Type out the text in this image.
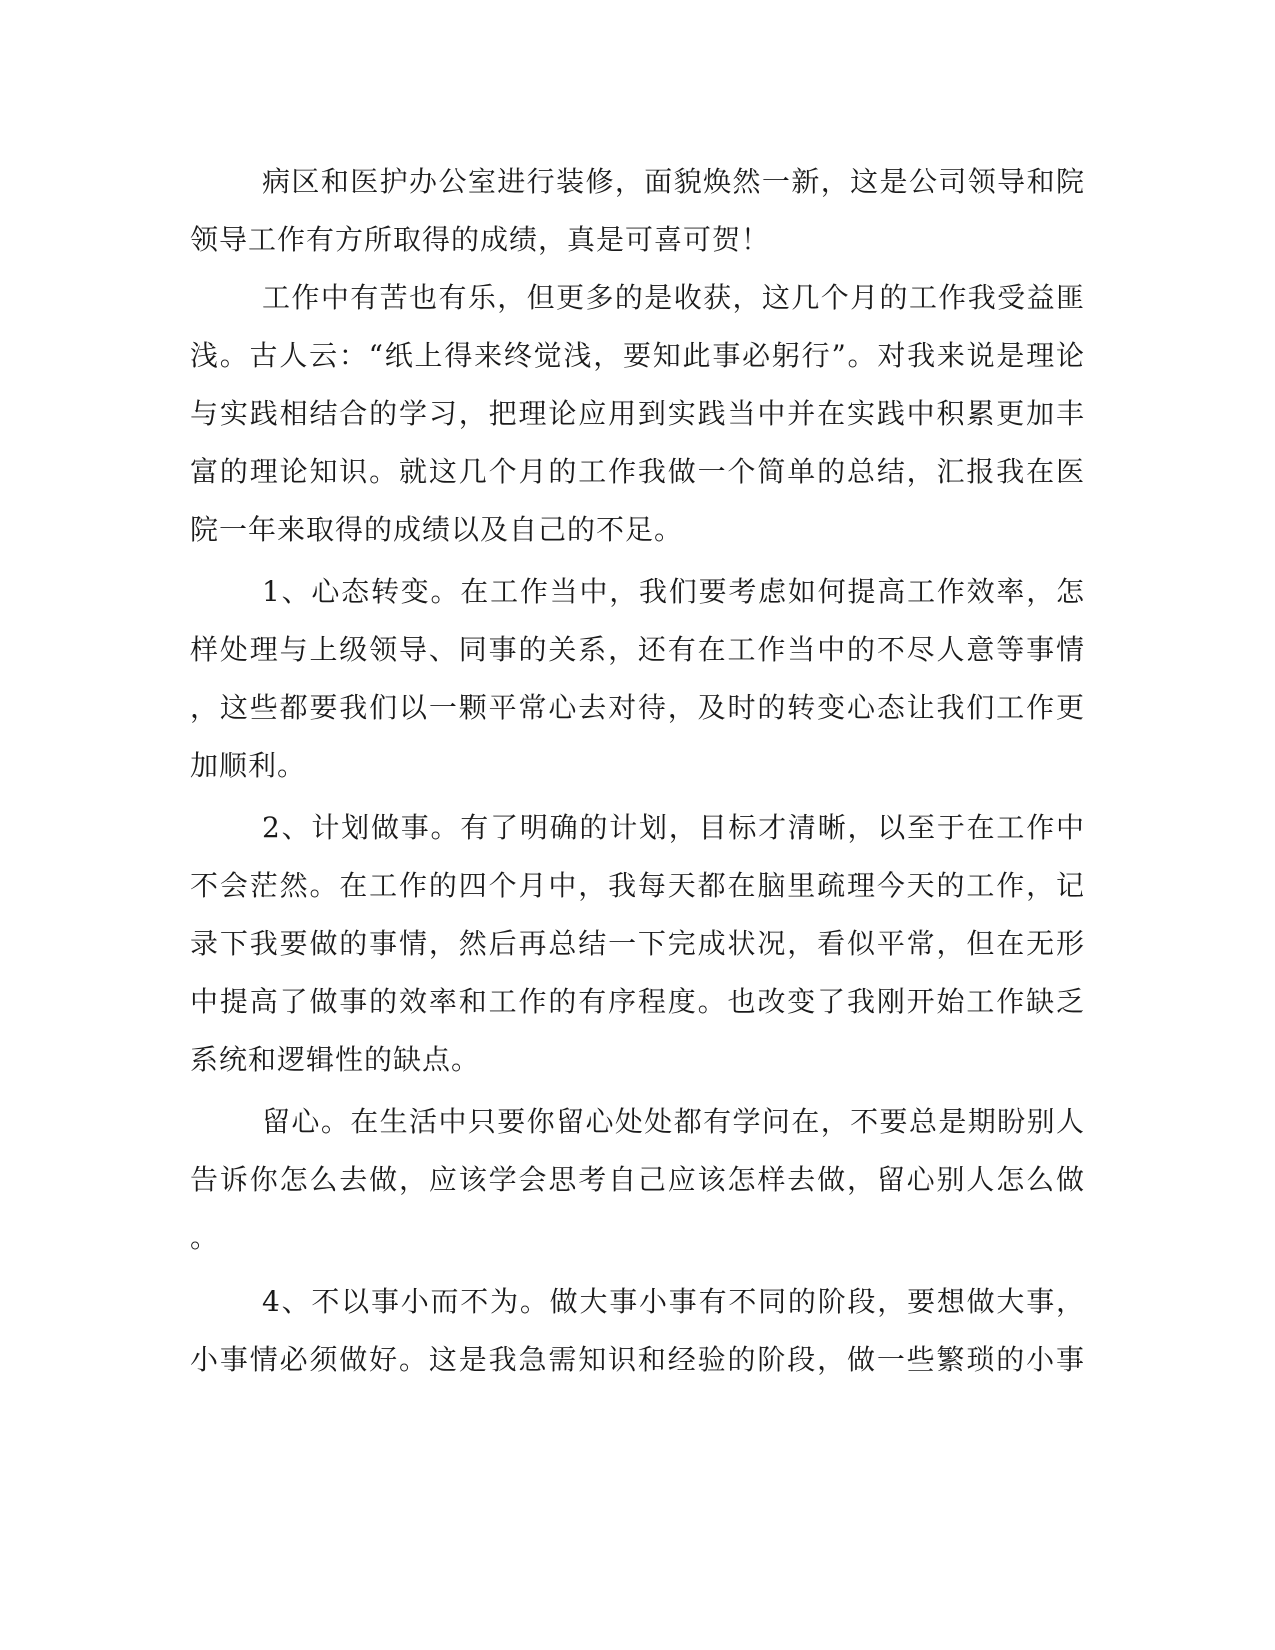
病区和医护办公室进行装修，面貌焕然一新，这是公司领导和院

领导工作有方所取得的成绩，真是可喜可贺！

工作中有苦也有乐，但更多的是收获，这几个月的工作我受益匪

浅。古人云：“纸上得来终觉浅，要知此事必躬行”。对我来说是理论

与实践相结合的学习，把理论应用到实践当中并在实践中积累更加丰

富的理论知识。就这几个月的工作我做一个简单的总结，汇报我在医

院一年来取得的成绩以及自己的不足。

1、心态转变。在工作当中，我们要考虑如何提高工作效率，怎

样处理与上级领导、同事的关系，还有在工作当中的不尽人意等事情

，这些都要我们以一颗平常心去对待，及时的转变心态让我们工作更

加顺利。

2、计划做事。有了明确的计划，目标才清晰，以至于在工作中

不会茫然。在工作的四个月中，我每天都在脑里疏理今天的工作，记

录下我要做的事情，然后再总结一下完成状况，看似平常，但在无形

中提高了做事的效率和工作的有序程度。也改变了我刚开始工作缺乏

系统和逻辑性的缺点。

留心。在生活中只要你留心处处都有学问在，不要总是期盼别人

告诉你怎么去做，应该学会思考自己应该怎样去做，留心别人怎么做

。

4、不以事小而不为。做大事小事有不同的阶段，要想做大事，

小事情必须做好。这是我急需知识和经验的阶段，做一些繁琐的小事
